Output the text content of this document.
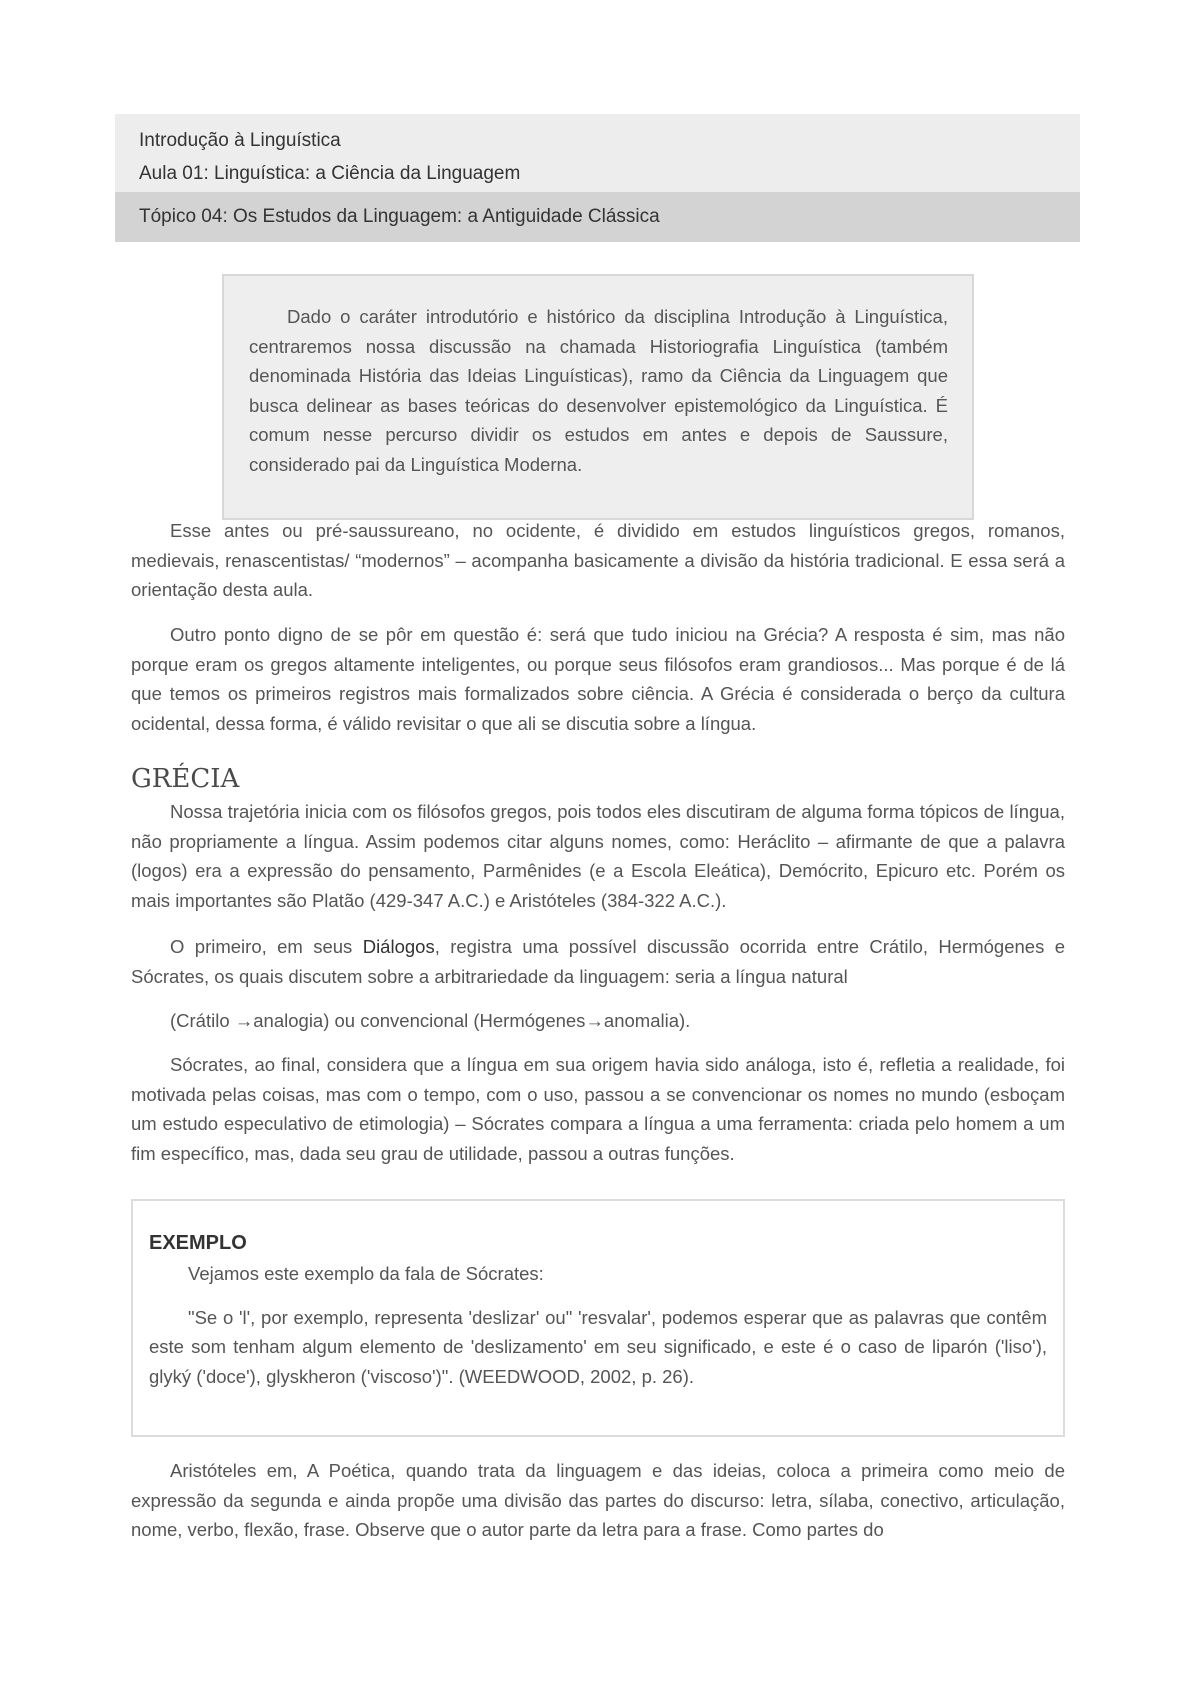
Introdução à Linguística
Aula 01: Linguística: a Ciência da Linguagem
Tópico 04: Os Estudos da Linguagem: a Antiguidade Clássica

Dado o caráter introdutório e histórico da disciplina Introdução à Linguística, centraremos nossa discussão na chamada Historiografia Linguística (também denominada História das Ideias Linguísticas), ramo da Ciência da Linguagem que busca delinear as bases teóricas do desenvolver epistemológico da Linguística. É comum nesse percurso dividir os estudos em antes e depois de Saussure, considerado pai da Linguística Moderna.

Esse antes ou pré-saussureano, no ocidente, é dividido em estudos linguísticos gregos, romanos, medievais, renascentistas/ “modernos” – acompanha basicamente a divisão da história tradicional. E essa será a orientação desta aula.

Outro ponto digno de se pôr em questão é: será que tudo iniciou na Grécia? A resposta é sim, mas não porque eram os gregos altamente inteligentes, ou porque seus filósofos eram grandiosos... Mas porque é de lá que temos os primeiros registros mais formalizados sobre ciência. A Grécia é considerada o berço da cultura ocidental, dessa forma, é válido revisitar o que ali se discutia sobre a língua.

GRÉCIA

Nossa trajetória inicia com os filósofos gregos, pois todos eles discutiram de alguma forma tópicos de língua, não propriamente a língua. Assim podemos citar alguns nomes, como: Heráclito – afirmante de que a palavra (logos) era a expressão do pensamento, Parmênides (e a Escola Eleática), Demócrito, Epicuro etc. Porém os mais importantes são Platão (429-347 A.C.) e Aristóteles (384-322 A.C.).

O primeiro, em seus Diálogos, registra uma possível discussão ocorrida entre Crátilo, Hermógenes e Sócrates, os quais discutem sobre a arbitrariedade da linguagem: seria a língua natural

(Crátilo →analogia) ou convencional (Hermógenes→anomalia).

Sócrates, ao final, considera que a língua em sua origem havia sido análoga, isto é, refletia a realidade, foi motivada pelas coisas, mas com o tempo, com o uso, passou a se convencionar os nomes no mundo (esboçam um estudo especulativo de etimologia) – Sócrates compara a língua a uma ferramenta: criada pelo homem a um fim específico, mas, dada seu grau de utilidade, passou a outras funções.

EXEMPLO

Vejamos este exemplo da fala de Sócrates:

"Se o 'l', por exemplo, representa 'deslizar' ou" 'resvalar', podemos esperar que as palavras que contêm este som tenham algum elemento de 'deslizamento' em seu significado, e este é o caso de liparón ('liso'), glyký ('doce'), glyskheron ('viscoso')". (WEEDWOOD, 2002, p. 26).

Aristóteles em, A Poética, quando trata da linguagem e das ideias, coloca a primeira como meio de expressão da segunda e ainda propõe uma divisão das partes do discurso: letra, sílaba, conectivo, articulação, nome, verbo, flexão, frase. Observe que o autor parte da letra para a frase. Como partes do
